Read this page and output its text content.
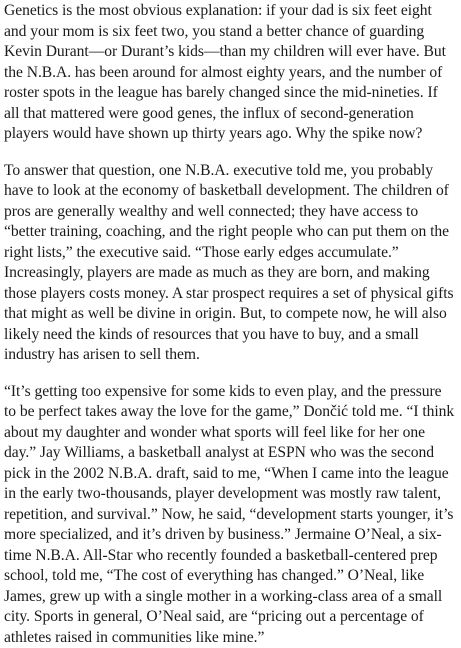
Genetics is the most obvious explanation: if your dad is six feet eight and your mom is six feet two, you stand a better chance of guarding Kevin Durant—or Durant’s kids—than my children will ever have. But the N.B.A. has been around for almost eighty years, and the number of roster spots in the league has barely changed since the mid-nineties. If all that mattered were good genes, the influx of second-generation players would have shown up thirty years ago. Why the spike now?

To answer that question, one N.B.A. executive told me, you probably have to look at the economy of basketball development. The children of pros are generally wealthy and well connected; they have access to “better training, coaching, and the right people who can put them on the right lists,” the executive said. “Those early edges accumulate.” Increasingly, players are made as much as they are born, and making those players costs money. A star prospect requires a set of physical gifts that might as well be divine in origin. But, to compete now, he will also likely need the kinds of resources that you have to buy, and a small industry has arisen to sell them.

“It’s getting too expensive for some kids to even play, and the pressure to be perfect takes away the love for the game,” Dončić told me. “I think about my daughter and wonder what sports will feel like for her one day.” Jay Williams, a basketball analyst at ESPN who was the second pick in the 2002 N.B.A. draft, said to me, “When I came into the league in the early two-thousands, player development was mostly raw talent, repetition, and survival.” Now, he said, “development starts younger, it’s more specialized, and it’s driven by business.” Jermaine O’Neal, a six-time N.B.A. All-Star who recently founded a basketball-centered prep school, told me, “The cost of everything has changed.” O’Neal, like James, grew up with a single mother in a working-class area of a small city. Sports in general, O’Neal said, are “pricing out a percentage of athletes raised in communities like mine.”
